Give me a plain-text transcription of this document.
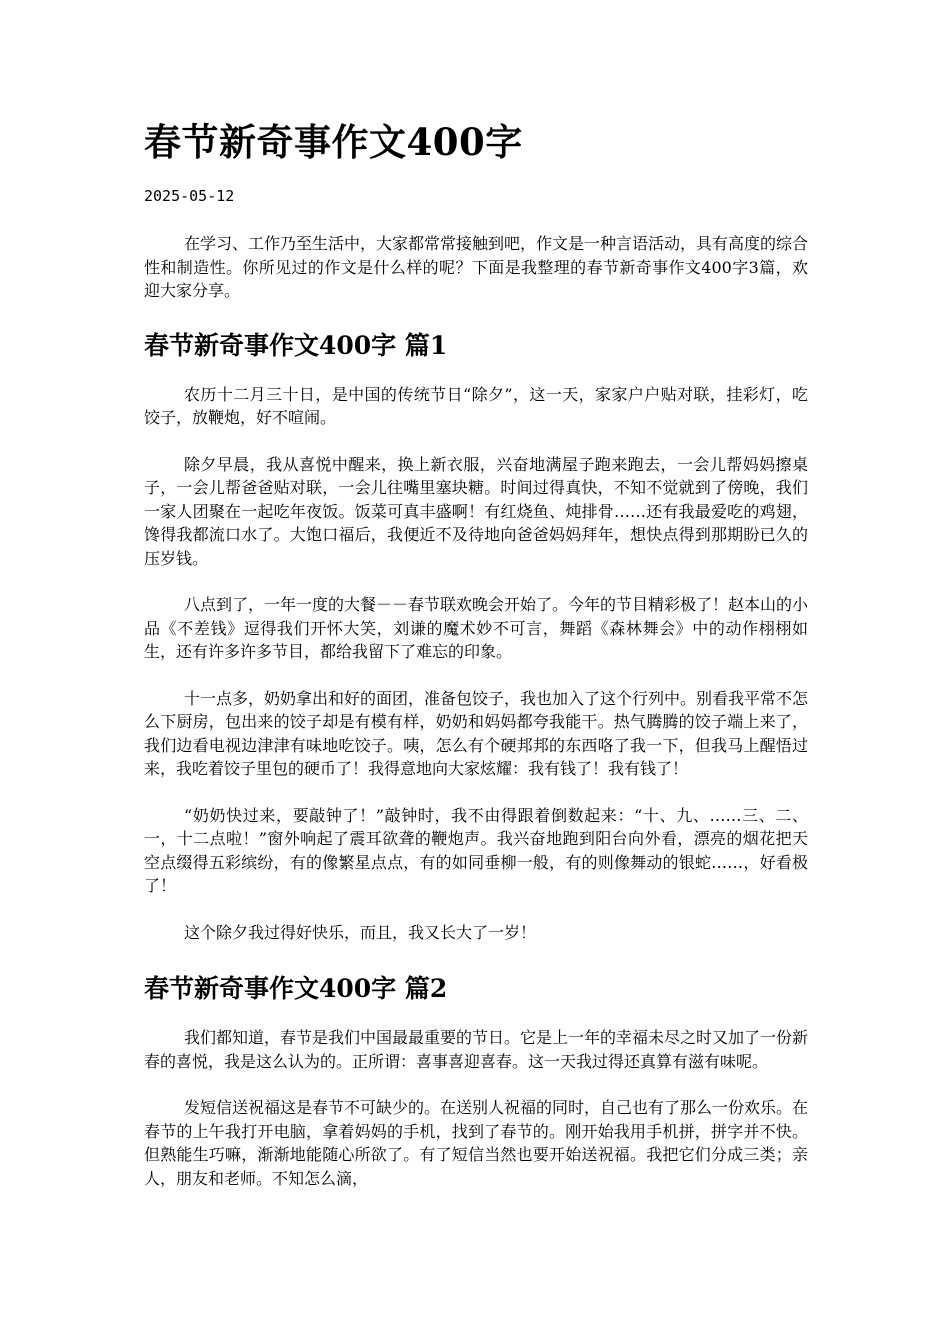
春节新奇事作文400字
2025-05-12

在学习、工作乃至生活中，大家都常常接触到吧，作文是一种言语活动，具有高度的综合性和制造性。你所见过的作文是什么样的呢？下面是我整理的春节新奇事作文400字3篇，欢迎大家分享。

春节新奇事作文400字 篇1

农历十二月三十日，是中国的传统节日“除夕”，这一天，家家户户贴对联，挂彩灯，吃饺子，放鞭炮，好不喧闹。

除夕早晨，我从喜悦中醒来，换上新衣服，兴奋地满屋子跑来跑去，一会儿帮妈妈擦桌子，一会儿帮爸爸贴对联，一会儿往嘴里塞块糖。时间过得真快，不知不觉就到了傍晚，我们一家人团聚在一起吃年夜饭。饭菜可真丰盛啊！有红烧鱼、炖排骨……还有我最爱吃的鸡翅，馋得我都流口水了。大饱口福后，我便近不及待地向爸爸妈妈拜年，想快点得到那期盼已久的压岁钱。

八点到了，一年一度的大餐－－春节联欢晚会开始了。今年的节目精彩极了！赵本山的小品《不差钱》逗得我们开怀大笑，刘谦的魔术妙不可言，舞蹈《森林舞会》中的动作栩栩如生，还有许多许多节目，都给我留下了难忘的印象。

十一点多，奶奶拿出和好的面团，准备包饺子，我也加入了这个行列中。别看我平常不怎么下厨房，包出来的饺子却是有模有样，奶奶和妈妈都夸我能干。热气腾腾的饺子端上来了，我们边看电视边津津有味地吃饺子。咦，怎么有个硬邦邦的东西咯了我一下，但我马上醒悟过来，我吃着饺子里包的硬币了！我得意地向大家炫耀：我有钱了！我有钱了！

“奶奶快过来，要敲钟了！”敲钟时，我不由得跟着倒数起来：“十、九、……三、二、一，十二点啦！”窗外响起了震耳欲聋的鞭炮声。我兴奋地跑到阳台向外看，漂亮的烟花把天空点缀得五彩缤纷，有的像繁星点点，有的如同垂柳一般，有的则像舞动的银蛇……，好看极了！

这个除夕我过得好快乐，而且，我又长大了一岁！

春节新奇事作文400字 篇2

我们都知道，春节是我们中国最最重要的节日。它是上一年的幸福未尽之时又加了一份新春的喜悦，我是这么认为的。正所谓：喜事喜迎喜春。这一天我过得还真算有滋有味呢。

发短信送祝福这是春节不可缺少的。在送别人祝福的同时，自己也有了那么一份欢乐。在春节的上午我打开电脑，拿着妈妈的手机，找到了春节的。刚开始我用手机拼，拼字并不快。但熟能生巧嘛，渐渐地能随心所欲了。有了短信当然也要开始送祝福。我把它们分成三类；亲人，朋友和老师。不知怎么滴，
